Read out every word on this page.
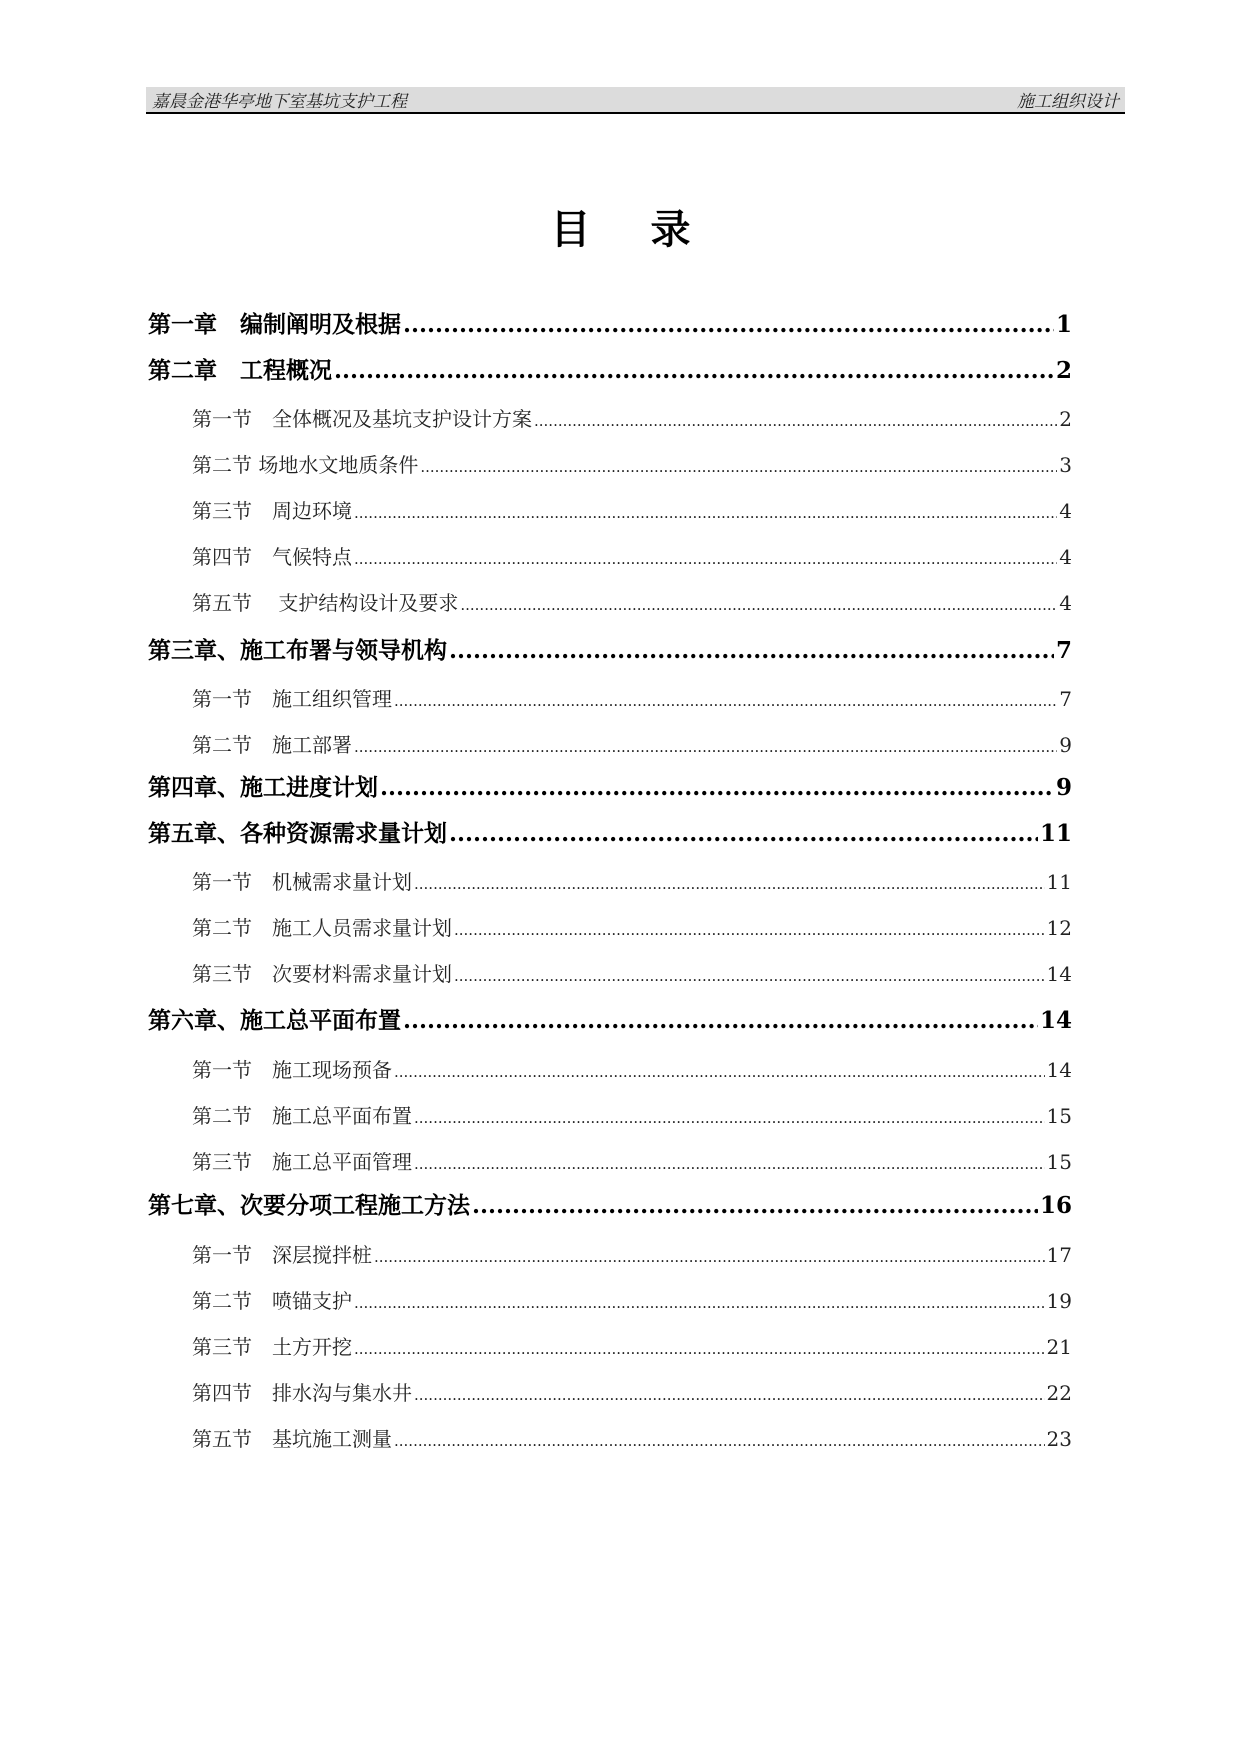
嘉晨金港华亭地下室基坑支护工程	施工组织设计
目录
第一章　编制阐明及根据 .....	1
第二章　工程概况 .....	2
第一节　全体概况及基坑支护设计方案 .....	2
第二节 场地水文地质条件 .....	3
第三节　周边环境 .....	4
第四节　气候特点 .....	4
第五节　 支护结构设计及要求 .....	4
第三章、施工布署与领导机构 .....	7
第一节　施工组织管理 .....	7
第二节　施工部署 .....	9
第四章、施工进度计划 .....	9
第五章、各种资源需求量计划 .....	11
第一节　机械需求量计划 .....	11
第二节　施工人员需求量计划 .....	12
第三节　次要材料需求量计划 .....	14
第六章、施工总平面布置 .....	14
第一节　施工现场预备 .....	14
第二节　施工总平面布置 .....	15
第三节　施工总平面管理 .....	15
第七章、次要分项工程施工方法 .....	16
第一节　深层搅拌桩 .....	17
第二节　喷锚支护 .....	19
第三节　土方开挖 .....	21
第四节　排水沟与集水井 .....	22
第五节　基坑施工测量 .....	23
